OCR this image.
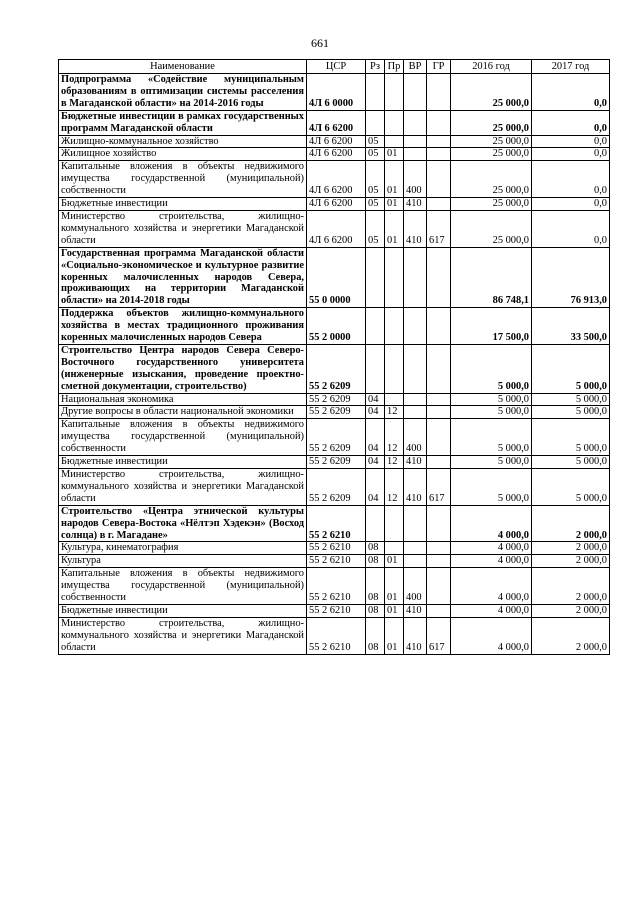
661
Наименование	ЦСР	Рз	Пр	ВР	ГР	2016 год	2017 год
Подпрограмма «Содействие муниципальным образованиям в оптимизации системы расселения в Магаданской области» на 2014-2016 годы	4Л 6 0000					25 000,0	0,0
Бюджетные инвестиции в рамках государственных программ Магаданской области	4Л 6 6200					25 000,0	0,0
Жилищно-коммунальное хозяйство	4Л 6 6200	05				25 000,0	0,0
Жилищное хозяйство	4Л 6 6200	05	01			25 000,0	0,0
Капитальные вложения в объекты недвижимого имущества государственной (муниципальной) собственности	4Л 6 6200	05	01	400		25 000,0	0,0
Бюджетные инвестиции	4Л 6 6200	05	01	410		25 000,0	0,0
Министерство строительства, жилищно-коммунального хозяйства и энергетики Магаданской области	4Л 6 6200	05	01	410	617	25 000,0	0,0
Государственная программа Магаданской области «Социально-экономическое и культурное развитие коренных малочисленных народов Севера, проживающих на территории Магаданской области» на 2014-2018 годы	55 0 0000					86 748,1	76 913,0
Поддержка объектов жилищно-коммунального хозяйства в местах традиционного проживания коренных малочисленных народов Севера	55 2 0000					17 500,0	33 500,0
Строительство Центра народов Севера Северо-Восточного государственного университета (инженерные изыскания, проведение проектно-сметной документации, строительство)	55 2 6209					5 000,0	5 000,0
Национальная экономика	55 2 6209	04				5 000,0	5 000,0
Другие вопросы в области национальной экономики	55 2 6209	04	12			5 000,0	5 000,0
Капитальные вложения в объекты недвижимого имущества государственной (муниципальной) собственности	55 2 6209	04	12	400		5 000,0	5 000,0
Бюджетные инвестиции	55 2 6209	04	12	410		5 000,0	5 000,0
Министерство строительства, жилищно-коммунального хозяйства и энергетики Магаданской области	55 2 6209	04	12	410	617	5 000,0	5 000,0
Строительство «Центра этнической культуры народов Севера-Востока «Нёлтэп Хэдекэн» (Восход солнца) в г. Магадане»	55 2 6210					4 000,0	2 000,0
Культура, кинематография	55 2 6210	08				4 000,0	2 000,0
Культура	55 2 6210	08	01			4 000,0	2 000,0
Капитальные вложения в объекты недвижимого имущества государственной (муниципальной) собственности	55 2 6210	08	01	400		4 000,0	2 000,0
Бюджетные инвестиции	55 2 6210	08	01	410		4 000,0	2 000,0
Министерство строительства, жилищно-коммунального хозяйства и энергетики Магаданской области	55 2 6210	08	01	410	617	4 000,0	2 000,0
